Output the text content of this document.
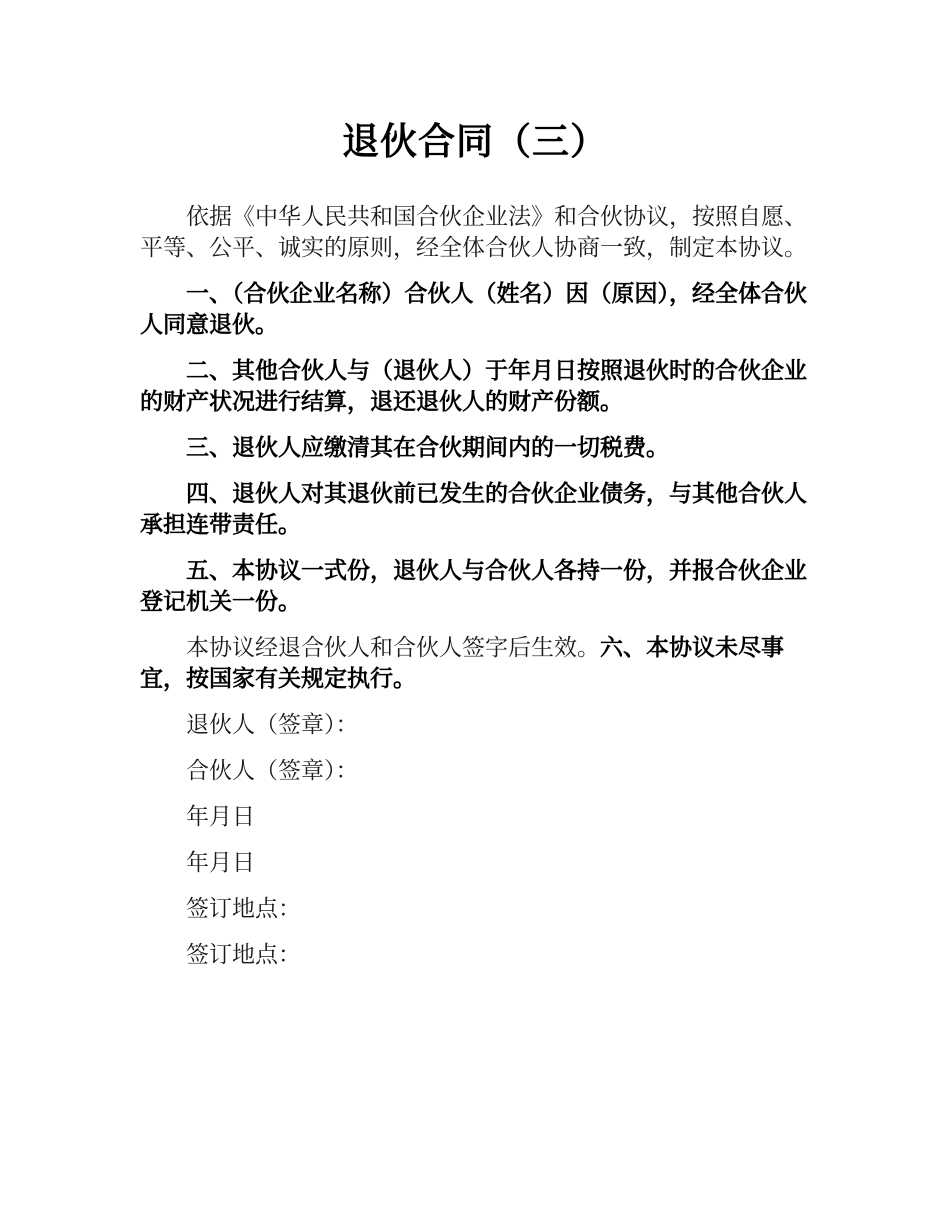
退伙合同（三）

依据《中华人民共和国合伙企业法》和合伙协议，按照自愿、平等、公平、诚实的原则，经全体合伙人协商一致，制定本协议。

一、（合伙企业名称）合伙人（姓名）因（原因），经全体合伙人同意退伙。

二、其他合伙人与（退伙人）于年月日按照退伙时的合伙企业的财产状况进行结算，退还退伙人的财产份额。

三、退伙人应缴清其在合伙期间内的一切税费。

四、退伙人对其退伙前已发生的合伙企业债务，与其他合伙人承担连带责任。

五、本协议一式份，退伙人与合伙人各持一份，并报合伙企业登记机关一份。

本协议经退合伙人和合伙人签字后生效。六、本协议未尽事宜，按国家有关规定执行。

退伙人（签章）：

合伙人（签章）：

年月日

年月日

签订地点：

签订地点：
